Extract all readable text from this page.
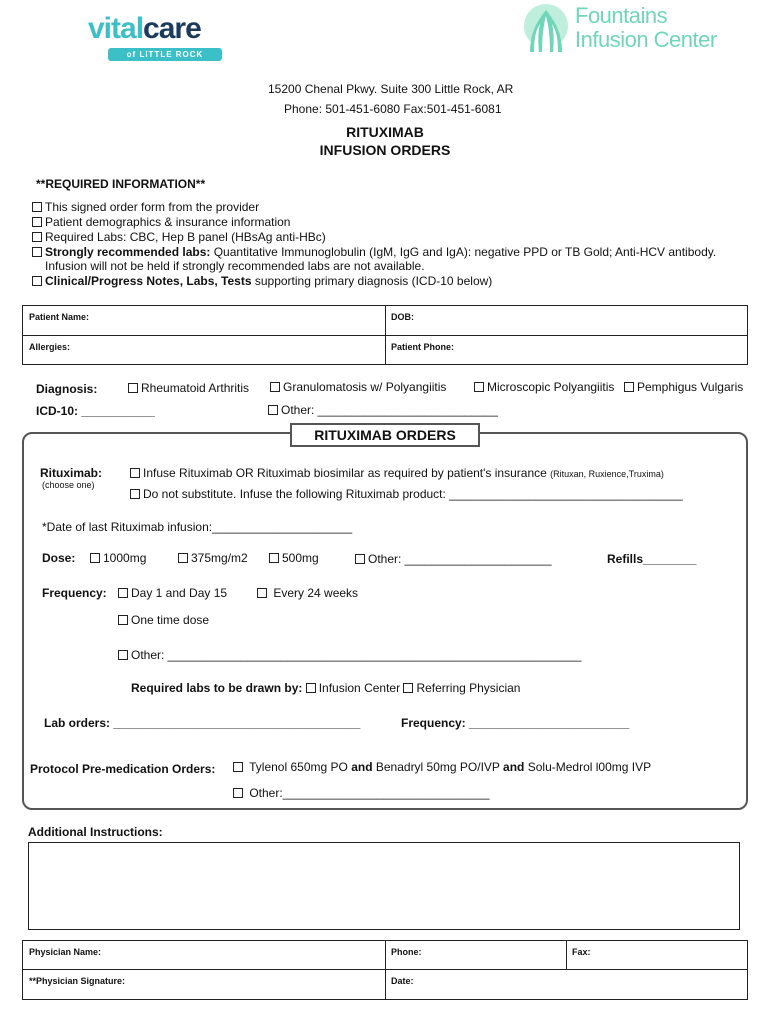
vitalcare
of LITTLE ROCK
Fountains
Infusion Center
15200 Chenal Pkwy. Suite 300 Little Rock, AR
Phone: 501-451-6080 Fax:501-451-6081
RITUXIMAB
INFUSION ORDERS
**REQUIRED INFORMATION**
This signed order form from the provider
Patient demographics & insurance information
Required Labs: CBC, Hep B panel (HBsAg anti-HBc)
Strongly recommended labs: Quantitative Immunoglobulin (IgM, IgG and IgA): negative PPD or TB Gold; Anti-HCV antibody.
Infusion will not be held if strongly recommended labs are not available.
Clinical/Progress Notes, Labs, Tests supporting primary diagnosis (ICD-10 below)
Patient Name:	DOB:
Allergies:	Patient Phone:
Diagnosis:	Rheumatoid Arthritis	Granulomatosis w/ Polyangiitis	Microscopic Polyangiitis	Pemphigus Vulgaris
ICD-10: ___________	Other: ___________________________
RITUXIMAB ORDERS
Rituximab:
(choose one)
Infuse Rituximab OR Rituximab biosimilar as required by patient's insurance (Rituxan, Ruxience,Truxima)
Do not substitute. Infuse the following Rituximab product: ___________________________________
*Date of last Rituximab infusion:_____________________
Dose:	1000mg	375mg/m2	500mg	Other: ______________________	Refills________
Frequency:	Day 1 and Day 15	Every 24 weeks
One time dose
Other: ______________________________________________________________
Required labs to be drawn by: Infusion Center Referring Physician
Lab orders: _____________________________________	Frequency: ________________________
Protocol Pre-medication Orders:	Tylenol 650mg PO and Benadryl 50mg PO/IVP and Solu-Medrol l00mg IVP
Other:_______________________________
Additional Instructions:
Physician Name:	Phone:	Fax:
**Physician Signature:	Date:
